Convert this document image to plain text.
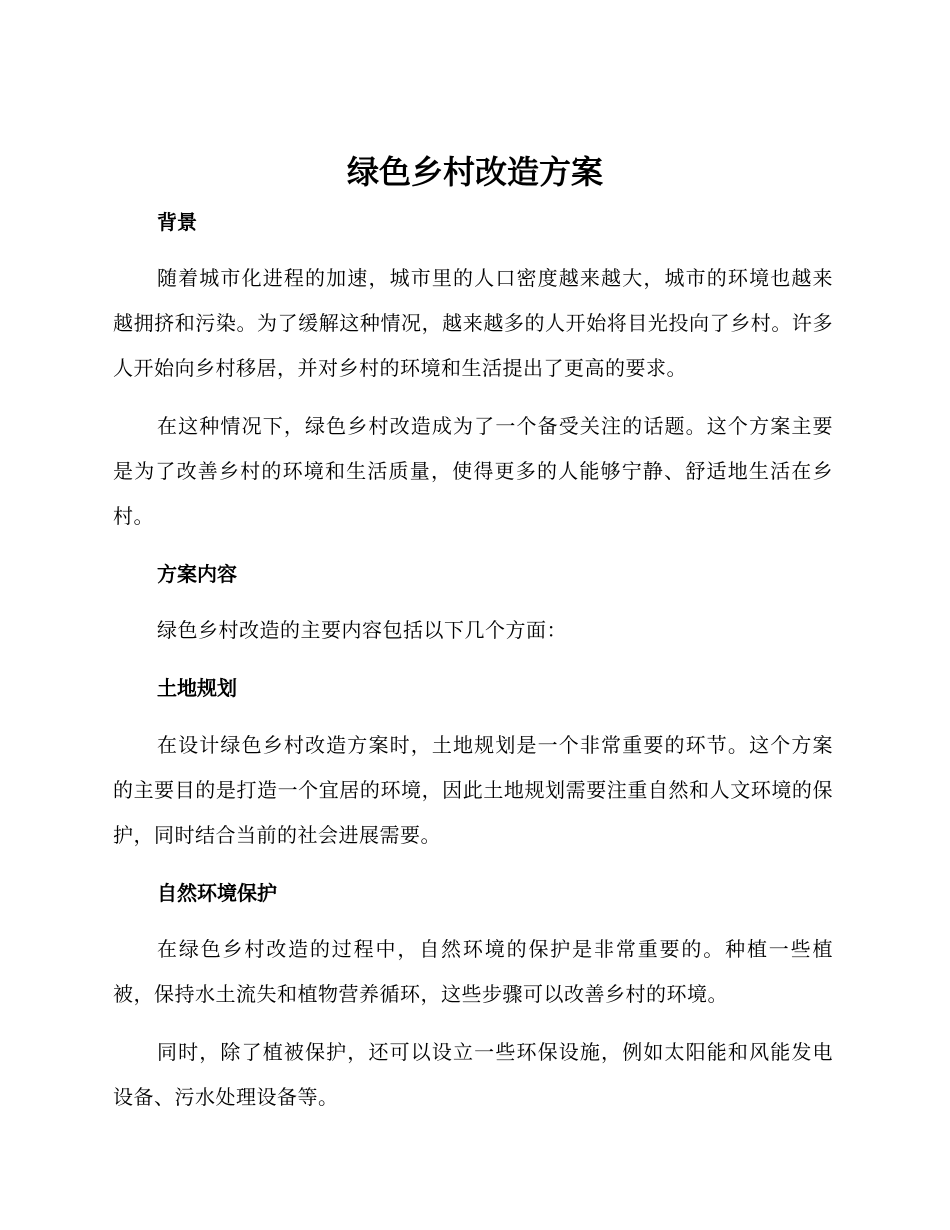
绿色乡村改造方案
背景

随着城市化进程的加速，城市里的人口密度越来越大，城市的环境也越来越拥挤和污染。为了缓解这种情况，越来越多的人开始将目光投向了乡村。许多人开始向乡村移居，并对乡村的环境和生活提出了更高的要求。

在这种情况下，绿色乡村改造成为了一个备受关注的话题。这个方案主要是为了改善乡村的环境和生活质量，使得更多的人能够宁静、舒适地生活在乡村。

方案内容

绿色乡村改造的主要内容包括以下几个方面：

土地规划

在设计绿色乡村改造方案时，土地规划是一个非常重要的环节。这个方案的主要目的是打造一个宜居的环境，因此土地规划需要注重自然和人文环境的保护，同时结合当前的社会进展需要。

自然环境保护

在绿色乡村改造的过程中，自然环境的保护是非常重要的。种植一些植被，保持水土流失和植物营养循环，这些步骤可以改善乡村的环境。

同时，除了植被保护，还可以设立一些环保设施，例如太阳能和风能发电设备、污水处理设备等。
